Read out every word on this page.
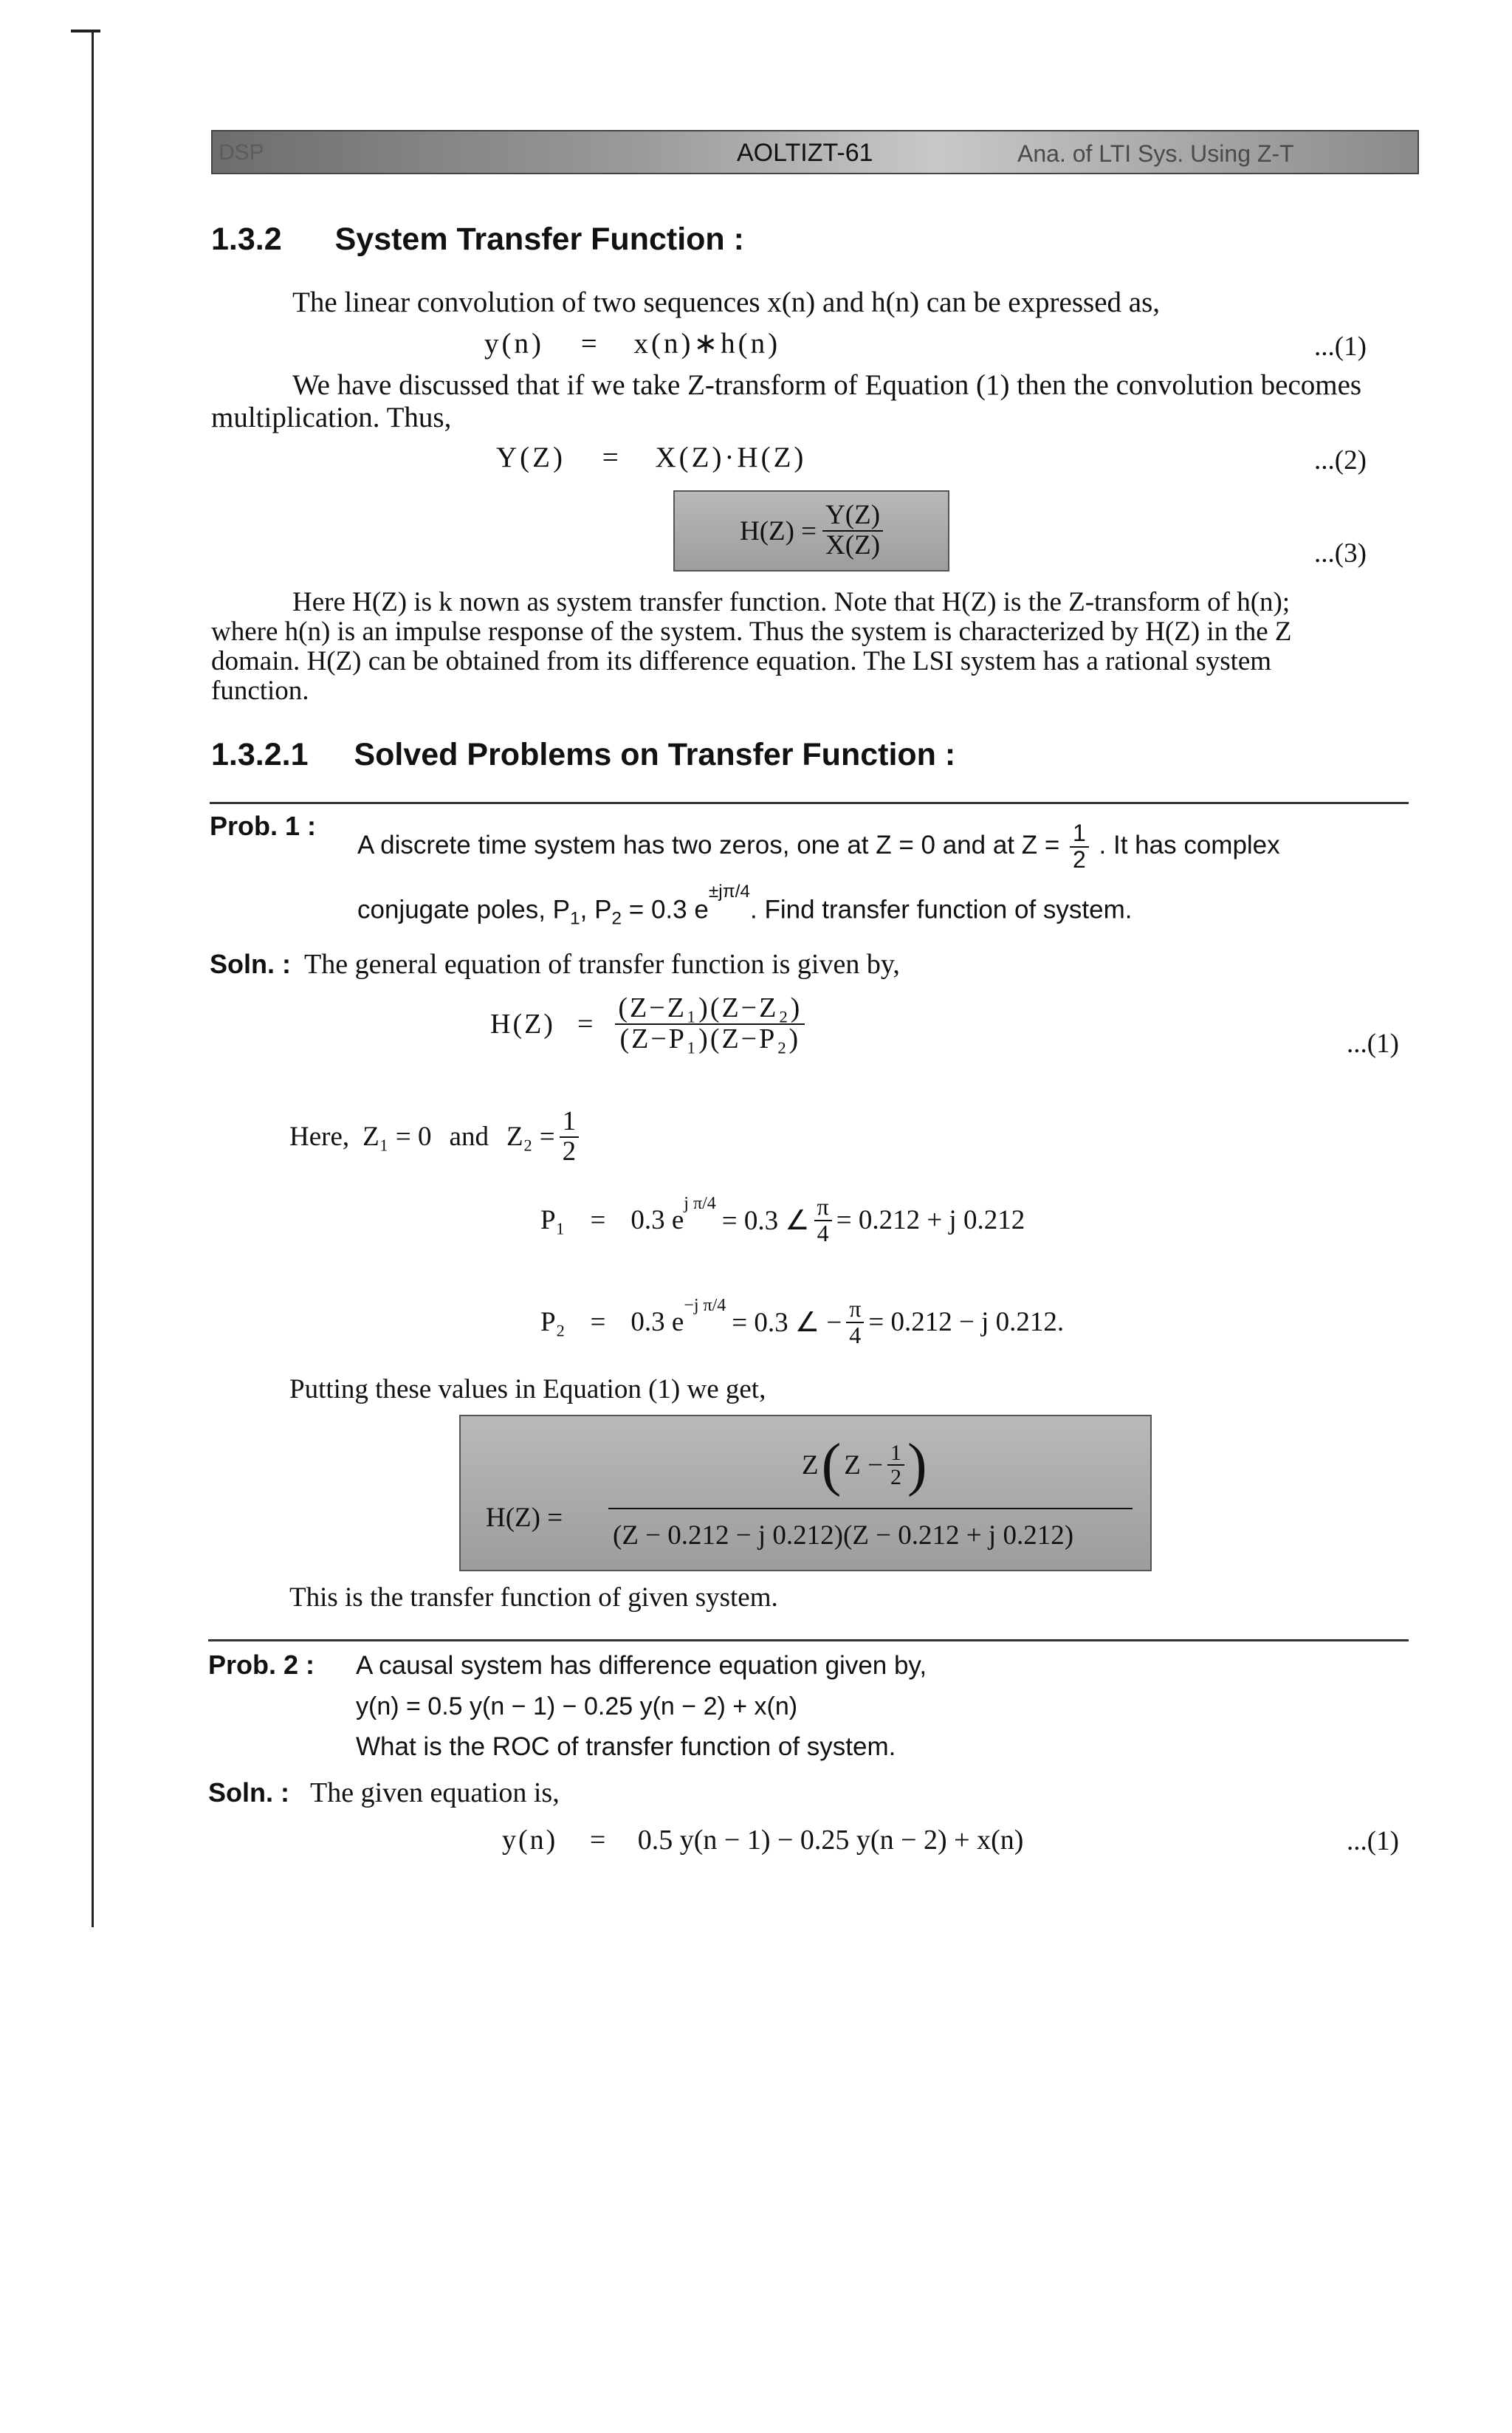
DSP	AOLTIZT-61	Ana. of LTI Sys. Using Z-T
1.3.2 System Transfer Function :
The linear convolution of two sequences x(n) and h(n) can be expressed as,
y(n) = x(n)∗h(n)	...(1)
We have discussed that if we take Z-transform of Equation (1) then the convolution becomes
multiplication. Thus,
Y(Z) = X(Z)·H(Z)	...(2)
$H(Z) = \frac{Y(Z)}{X(Z)}$	...(3)
Here H(Z) is k nown as system transfer function. Note that H(Z) is the Z-transform of h(n);
where h(n) is an impulse response of the system. Thus the system is characterized by H(Z) in the Z
domain. H(Z) can be obtained from its difference equation. The LSI system has a rational system
function.
1.3.2.1 Solved Problems on Transfer Function :
Prob. 1 :
A discrete time system has two zeros, one at Z = 0 and at $Z = \frac{1}{2}$ . It has complex
conjugate poles, $P_1$, $P_2 = 0.3$ $e^{\pm j\pi/4}$. Find transfer function of system.
Soln. : The general equation of transfer function is given by,
$H(Z) = \frac{\text{(Z−Z₁)(Z−Z₂)}}{\text{(Z−P₁)(Z−P₂)}}$	...(1)
Here, Z₁ = 0 and $Z_2 = \frac{1}{2}$
P₁ = 0.3 e
$^{j \pi/4}$
= 0.3 ∠ $\frac{\pi}{4} = 0.212 + j$ 0.212
P₂ = 0.3 e
$^{-j \pi/4}$
= 0.3 ∠ − $\frac{\pi}{4} = 0.212 - j$ 0.212.
Putting these values in Equation (1) we get,
H(Z) =
Z ( $Z - \frac{1}{2}$ )
(Z − 0.212 − j 0.212)(Z − 0.212 + j 0.212)
This is the transfer function of given system.
Prob. 2 : A causal system has difference equation given by,
y(n) = 0.5 y(n − 1) − 0.25 y(n − 2) + x(n)
What is the ROC of transfer function of system.
Soln. : The given equation is,
y(n) = 0.5 y(n − 1) − 0.25 y(n − 2) + x(n)	...(1)
